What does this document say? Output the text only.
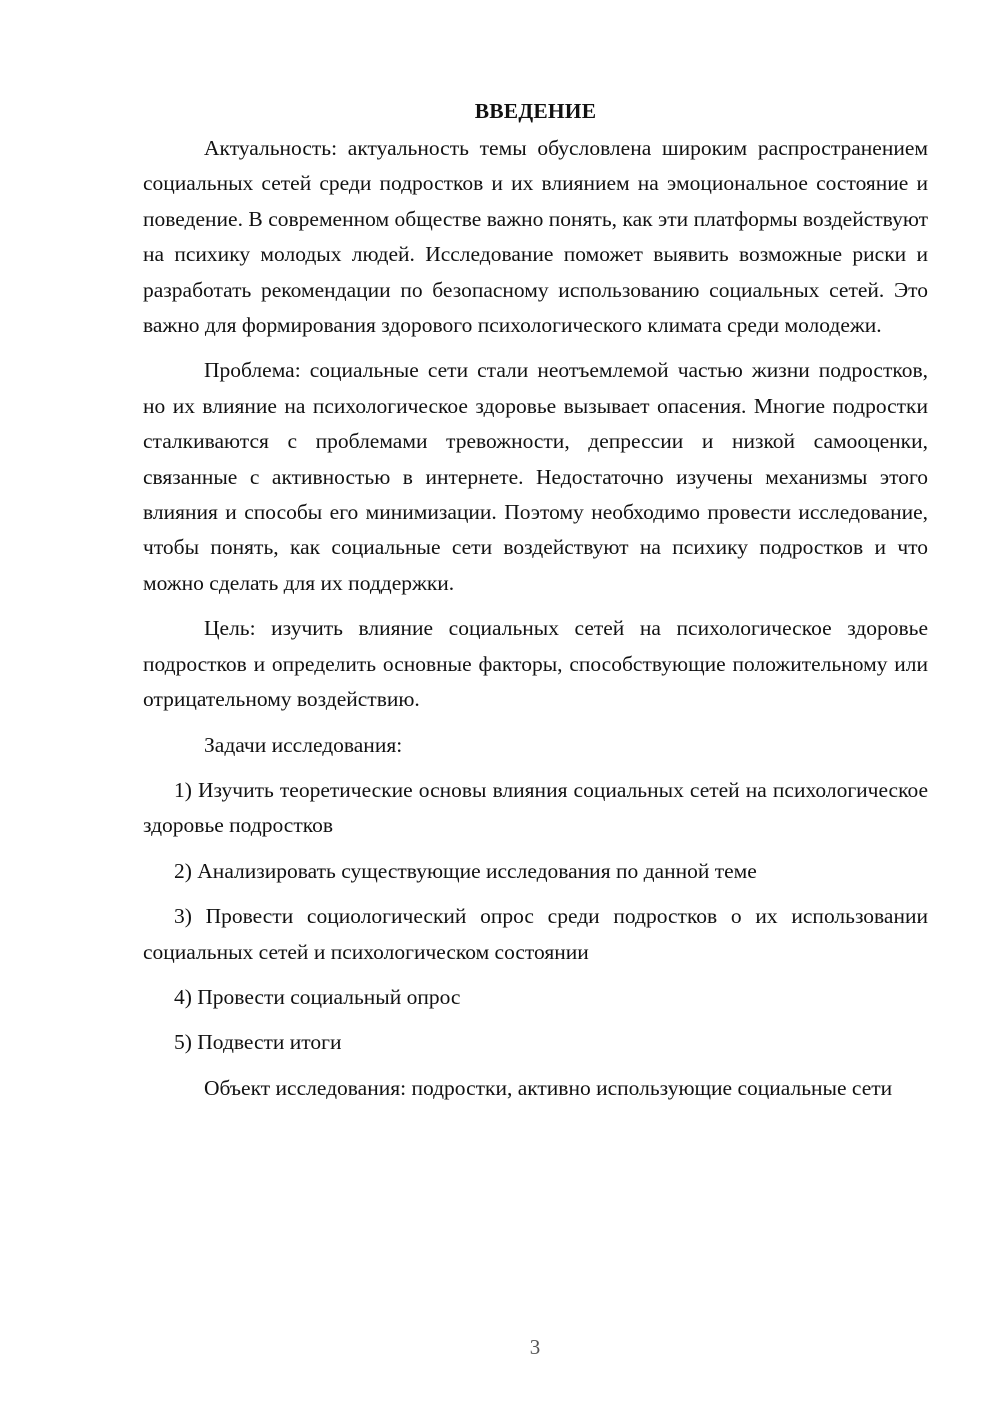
ВВЕДЕНИЕ

Актуальность: актуальность темы обусловлена широким распространением социальных сетей среди подростков и их влиянием на эмоциональное состояние и поведение. В современном обществе важно понять, как эти платформы воздействуют на психику молодых людей. Исследование поможет выявить возможные риски и разработать рекомендации по безопасному использованию социальных сетей. Это важно для формирования здорового психологического климата среди молодежи.

Проблема: социальные сети стали неотъемлемой частью жизни подростков, но их влияние на психологическое здоровье вызывает опасения. Многие подростки сталкиваются с проблемами тревожности, депрессии и низкой самооценки, связанные с активностью в интернете. Недостаточно изучены механизмы этого влияния и способы его минимизации. Поэтому необходимо провести исследование, чтобы понять, как социальные сети воздействуют на психику подростков и что можно сделать для их поддержки.

Цель: изучить влияние социальных сетей на психологическое здоровье подростков и определить основные факторы, способствующие положительному или отрицательному воздействию.

Задачи исследования:

1) Изучить теоретические основы влияния социальных сетей на психологическое здоровье подростков

2) Анализировать существующие исследования по данной теме

3) Провести социологический опрос среди подростков о их использовании социальных сетей и психологическом состоянии

4) Провести социальный опрос

5) Подвести итоги

Объект исследования: подростки, активно использующие социальные сети

3
